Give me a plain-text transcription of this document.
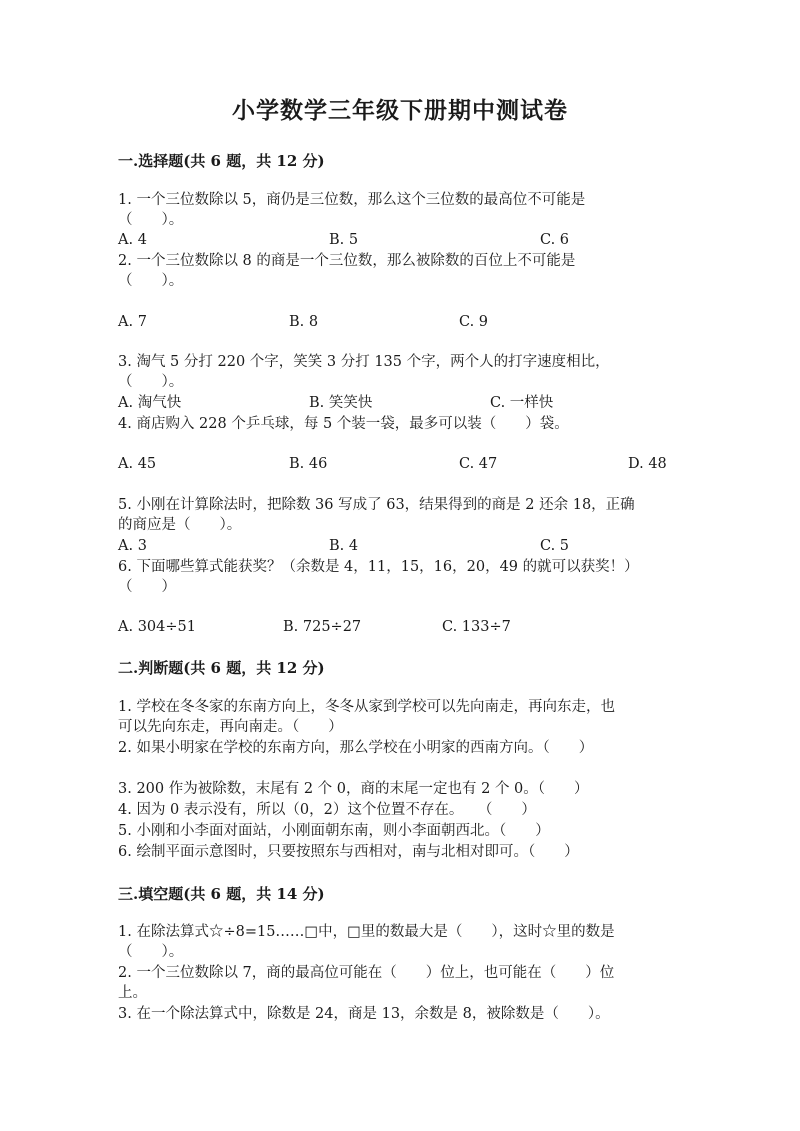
小学数学三年级下册期中测试卷
一.选择题(共 6 题，共 12 分)
1. 一个三位数除以 5，商仍是三位数，那么这个三位数的最高位不可能是
（　　）。
A. 4	B. 5	C. 6
2. 一个三位数除以 8 的商是一个三位数，那么被除数的百位上不可能是
（　　）。
A. 7	B. 8	C. 9
3. 淘气 5 分打 220 个字，笑笑 3 分打 135 个字，两个人的打字速度相比，
（　　）。
A. 淘气快	B. 笑笑快	C. 一样快
4. 商店购入 228 个乒乓球，每 5 个装一袋，最多可以装（　　）袋。
A. 45	B. 46	C. 47	D. 48
5. 小刚在计算除法时，把除数 36 写成了 63，结果得到的商是 2 还余 18，正确
的商应是（　　）。
A. 3	B. 4	C. 5
6. 下面哪些算式能获奖？（余数是 4，11，15，16，20，49 的就可以获奖！）
（　　）
A. 304÷51	B. 725÷27	C. 133÷7
二.判断题(共 6 题，共 12 分)
1. 学校在冬冬家的东南方向上，冬冬从家到学校可以先向南走，再向东走，也
可以先向东走，再向南走。（　　）
2. 如果小明家在学校的东南方向，那么学校在小明家的西南方向。（　　）
3. 200 作为被除数，末尾有 2 个 0，商的末尾一定也有 2 个 0。（　　）
4. 因为 0 表示没有，所以（0，2）这个位置不存在。　　（　　）
5. 小刚和小李面对面站，小刚面朝东南，则小李面朝西北。（　　）
6. 绘制平面示意图时，只要按照东与西相对，南与北相对即可。（　　）
三.填空题(共 6 题，共 14 分)
1. 在除法算式☆÷8=15……□中，□里的数最大是（　　），这时☆里的数是
（　　）。
2. 一个三位数除以 7，商的最高位可能在（　　）位上，也可能在（　　）位
上。
3. 在一个除法算式中，除数是 24，商是 13，余数是 8，被除数是（　　）。
